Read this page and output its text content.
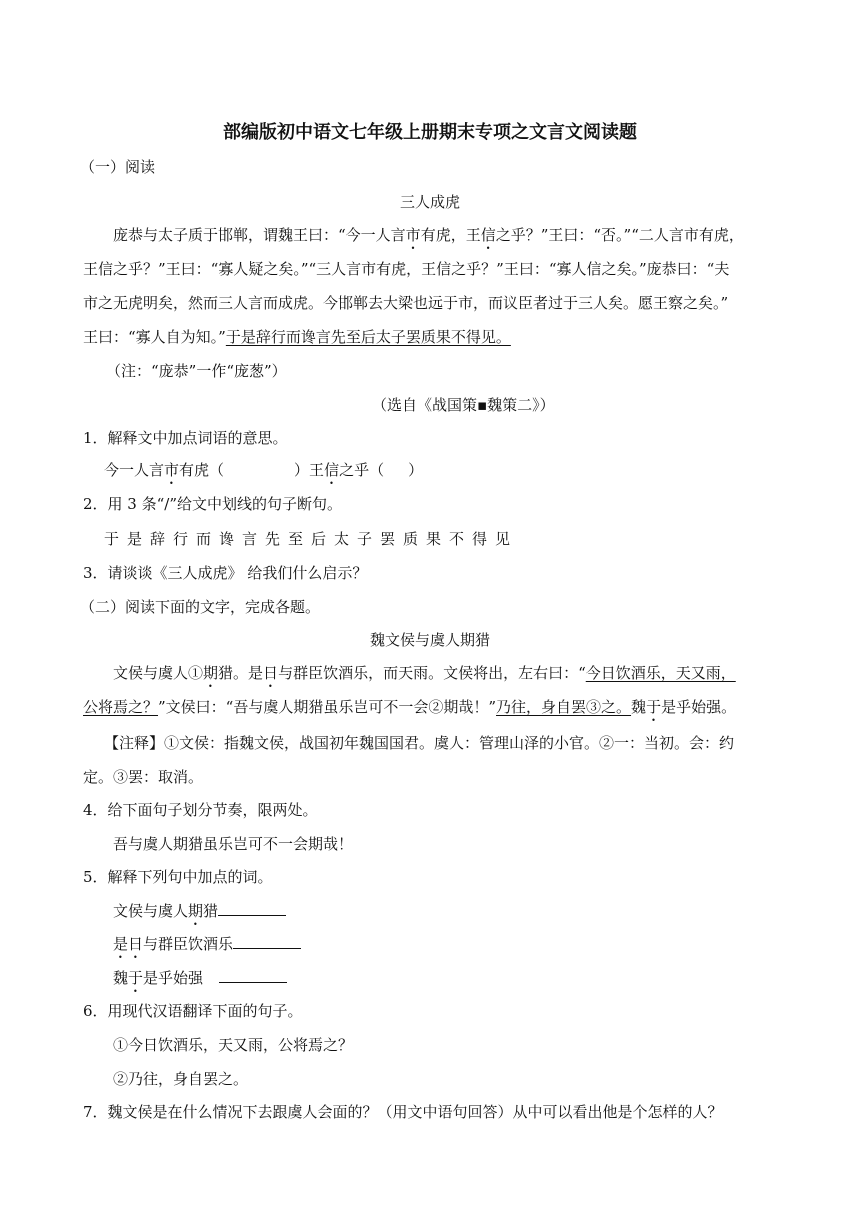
部编版初中语文七年级上册期末专项之文言文阅读题
（一）阅读
三人成虎
庞恭与太子质于邯郸，谓魏王曰：“今一人言市有虎，王信之乎？”王曰：“否。”“二人言市有虎，
王信之乎？”王曰：“寡人疑之矣。”“三人言市有虎，王信之乎？”王曰：“寡人信之矣。”庞恭曰：“夫
市之无虎明矣，然而三人言而成虎。今邯郸去大梁也远于市，而议臣者过于三人矣。愿王察之矣。”
王曰：“寡人自为知。”于是辞行而谗言先至后太子罢质果不得见。
（注：“庞恭”一作“庞葱”）
（选自《战国策▪魏策二》）
1．解释文中加点词语的意思。
今一人言市有虎（	）王信之乎（ ）
2．用 3 条“/”给文中划线的句子断句。
于是辞行而谗言先至后太子罢质果不得见
3．请谈谈《三人成虎》 给我们什么启示？
（二）阅读下面的文字，完成各题。
魏文侯与虞人期猎
文侯与虞人①期猎。是日与群臣饮酒乐，而天雨。文侯将出，左右曰：“今日饮酒乐，天又雨，
公将焉之？”文侯曰：“吾与虞人期猎虽乐岂可不一会②期哉！”乃往，身自罢③之。魏于是乎始强。
【注释】①文侯：指魏文侯，战国初年魏国国君。虞人：管理山泽的小官。②一：当初。会：约
定。③罢：取消。
4．给下面句子划分节奏，限两处。
吾与虞人期猎虽乐岂可不一会期哉！
5．解释下列句中加点的词。
文侯与虞人期猎
是日与群臣饮酒乐
魏于是乎始强
6．用现代汉语翻译下面的句子。
①今日饮酒乐，天又雨，公将焉之？
②乃往，身自罢之。
7．魏文侯是在什么情况下去跟虞人会面的？（用文中语句回答）从中可以看出他是个怎样的人？
